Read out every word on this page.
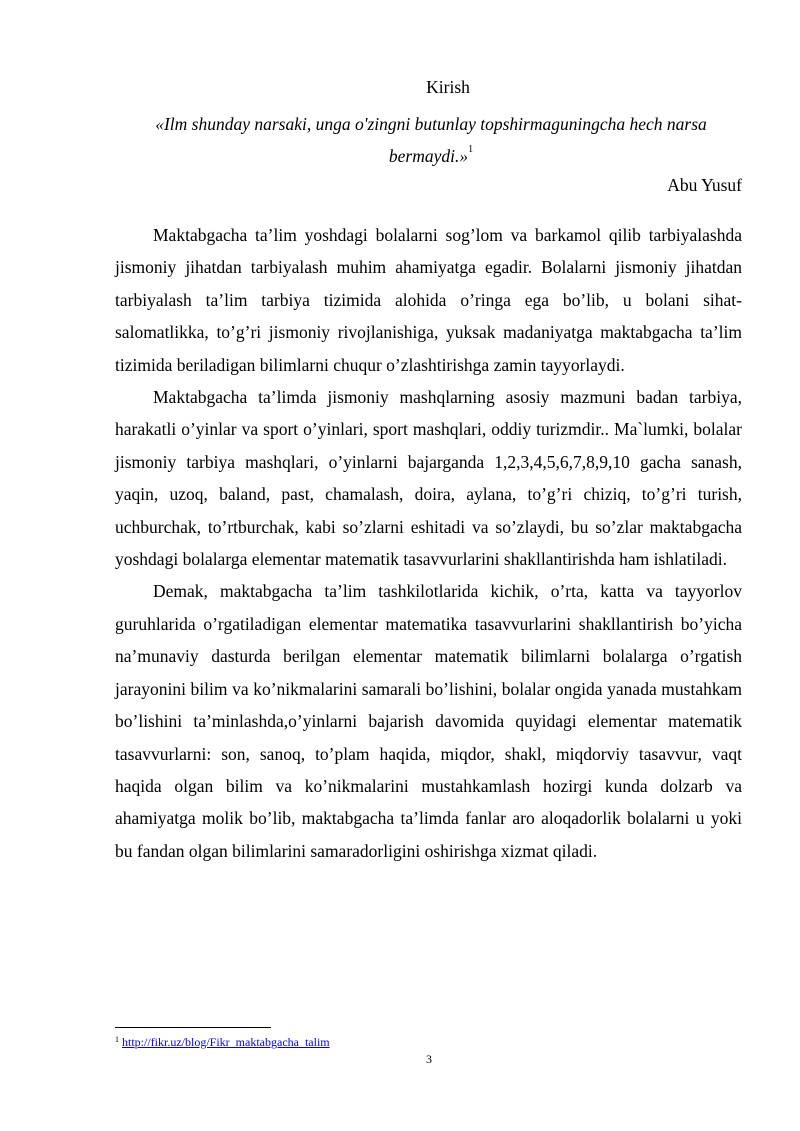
Kirish
«Ilm shunday narsaki, unga o'zingni butunlay topshirmaguningcha hech narsa bermaydi.»$^1$
Abu Yusuf

Maktabgacha ta’lim yoshdagi bolalarni sog’lom va barkamol qilib tarbiyalashda jismoniy jihatdan tarbiyalash muhim ahamiyatga egadir. Bolalarni jismoniy jihatdan tarbiyalash ta’lim tarbiya tizimida alohida o’ringa ega bo’lib, u bolani sihat- salomatlikka, to’g’ri jismoniy rivojlanishiga, yuksak madaniyatga maktabgacha ta’lim tizimida beriladigan bilimlarni chuqur o’zlashtirishga zamin tayyorlaydi.

Maktabgacha ta’limda jismoniy mashqlarning asosiy mazmuni badan tarbiya, harakatli o’yinlar va sport o’yinlari, sport mashqlari, oddiy turizmdir.. Ma`lumki, bolalar jismoniy tarbiya mashqlari, o’yinlarni bajarganda 1,2,3,4,5,6,7,8,9,10 gacha sanash, yaqin, uzoq, baland, past, chamalash, doira, aylana, to’g’ri chiziq, to’g’ri turish, uchburchak, to’rtburchak, kabi so’zlarni eshitadi va so’zlaydi, bu so’zlar maktabgacha yoshdagi bolalarga elementar matematik tasavvurlarini shakllantirishda ham ishlatiladi.

Demak, maktabgacha ta’lim tashkilotlarida kichik, o’rta, katta va tayyorlov guruhlarida o’rgatiladigan elementar matematika tasavvurlarini shakllantirish bo’yicha na’munaviy dasturda berilgan elementar matematik bilimlarni bolalarga o’rgatish jarayonini bilim va ko’nikmalarini samarali bo’lishini, bolalar ongida yanada mustahkam bo’lishini ta’minlashda,o’yinlarni bajarish davomida quyidagi elementar matematik tasavvurlarni: son, sanoq, to’plam haqida, miqdor, shakl, miqdorviy tasavvur, vaqt haqida olgan bilim va ko’nikmalarini mustahkamlash hozirgi kunda dolzarb va ahamiyatga molik bo’lib, maktabgacha ta’limda fanlar aro aloqadorlik bolalarni u yoki bu fandan olgan bilimlarini samaradorligini oshirishga xizmat qiladi.

$^1$ http://fikr.uz/blog/Fikr_maktabgacha_talim
3
